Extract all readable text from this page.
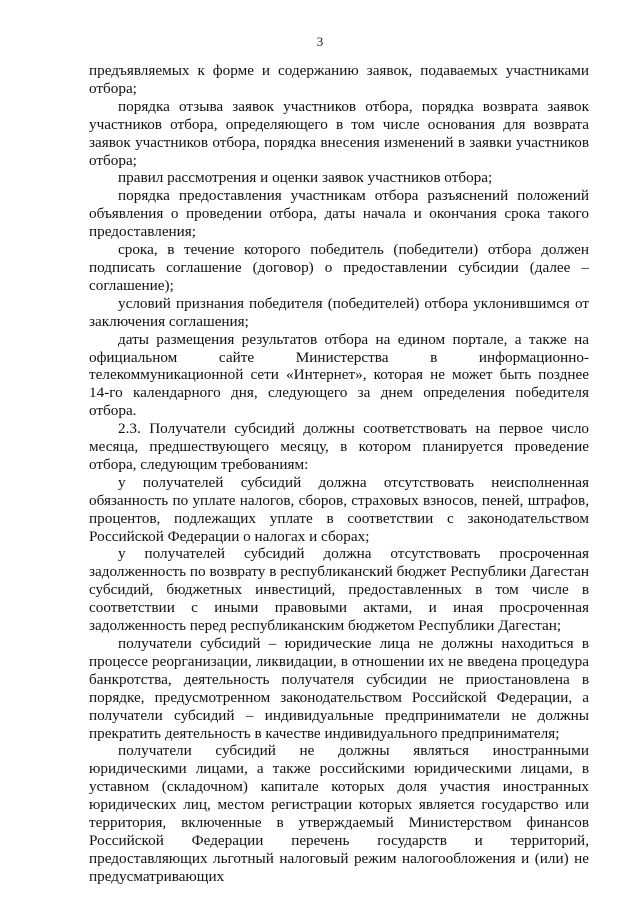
3

предъявляемых к форме и содержанию заявок, подаваемых участниками отбора;

порядка отзыва заявок участников отбора, порядка возврата заявок участников отбора, определяющего в том числе основания для возврата заявок участников отбора, порядка внесения изменений в заявки участников отбора;

правил рассмотрения и оценки заявок участников отбора;

порядка предоставления участникам отбора разъяснений положений объявления о проведении отбора, даты начала и окончания срока такого предоставления;

срока, в течение которого победитель (победители) отбора должен подписать соглашение (договор) о предоставлении субсидии (далее – соглашение);

условий признания победителя (победителей) отбора уклонившимся от заключения соглашения;

даты размещения результатов отбора на едином портале, а также на официальном сайте Министерства в информационно-телекоммуникационной сети «Интернет», которая не может быть позднее 14-го календарного дня, следующего за днем определения победителя отбора.

2.3. Получатели субсидий должны соответствовать на первое число месяца, предшествующего месяцу, в котором планируется проведение отбора, следующим требованиям:

у получателей субсидий должна отсутствовать неисполненная обязанность по уплате налогов, сборов, страховых взносов, пеней, штрафов, процентов, подлежащих уплате в соответствии с законодательством Российской Федерации о налогах и сборах;

у получателей субсидий должна отсутствовать просроченная задолженность по возврату в республиканский бюджет Республики Дагестан субсидий, бюджетных инвестиций, предоставленных в том числе в соответствии с иными правовыми актами, и иная просроченная задолженность перед республиканским бюджетом Республики Дагестан;

получатели субсидий – юридические лица не должны находиться в процессе реорганизации, ликвидации, в отношении их не введена процедура банкротства, деятельность получателя субсидии не приостановлена в порядке, предусмотренном законодательством Российской Федерации, а получатели субсидий – индивидуальные предприниматели не должны прекратить деятельность в качестве индивидуального предпринимателя;

получатели субсидий не должны являться иностранными юридическими лицами, а также российскими юридическими лицами, в уставном (складочном) капитале которых доля участия иностранных юридических лиц, местом регистрации которых является государство или территория, включенные в утверждаемый Министерством финансов Российской Федерации перечень государств и территорий, предоставляющих льготный налоговый режим налогообложения и (или) не предусматривающих
